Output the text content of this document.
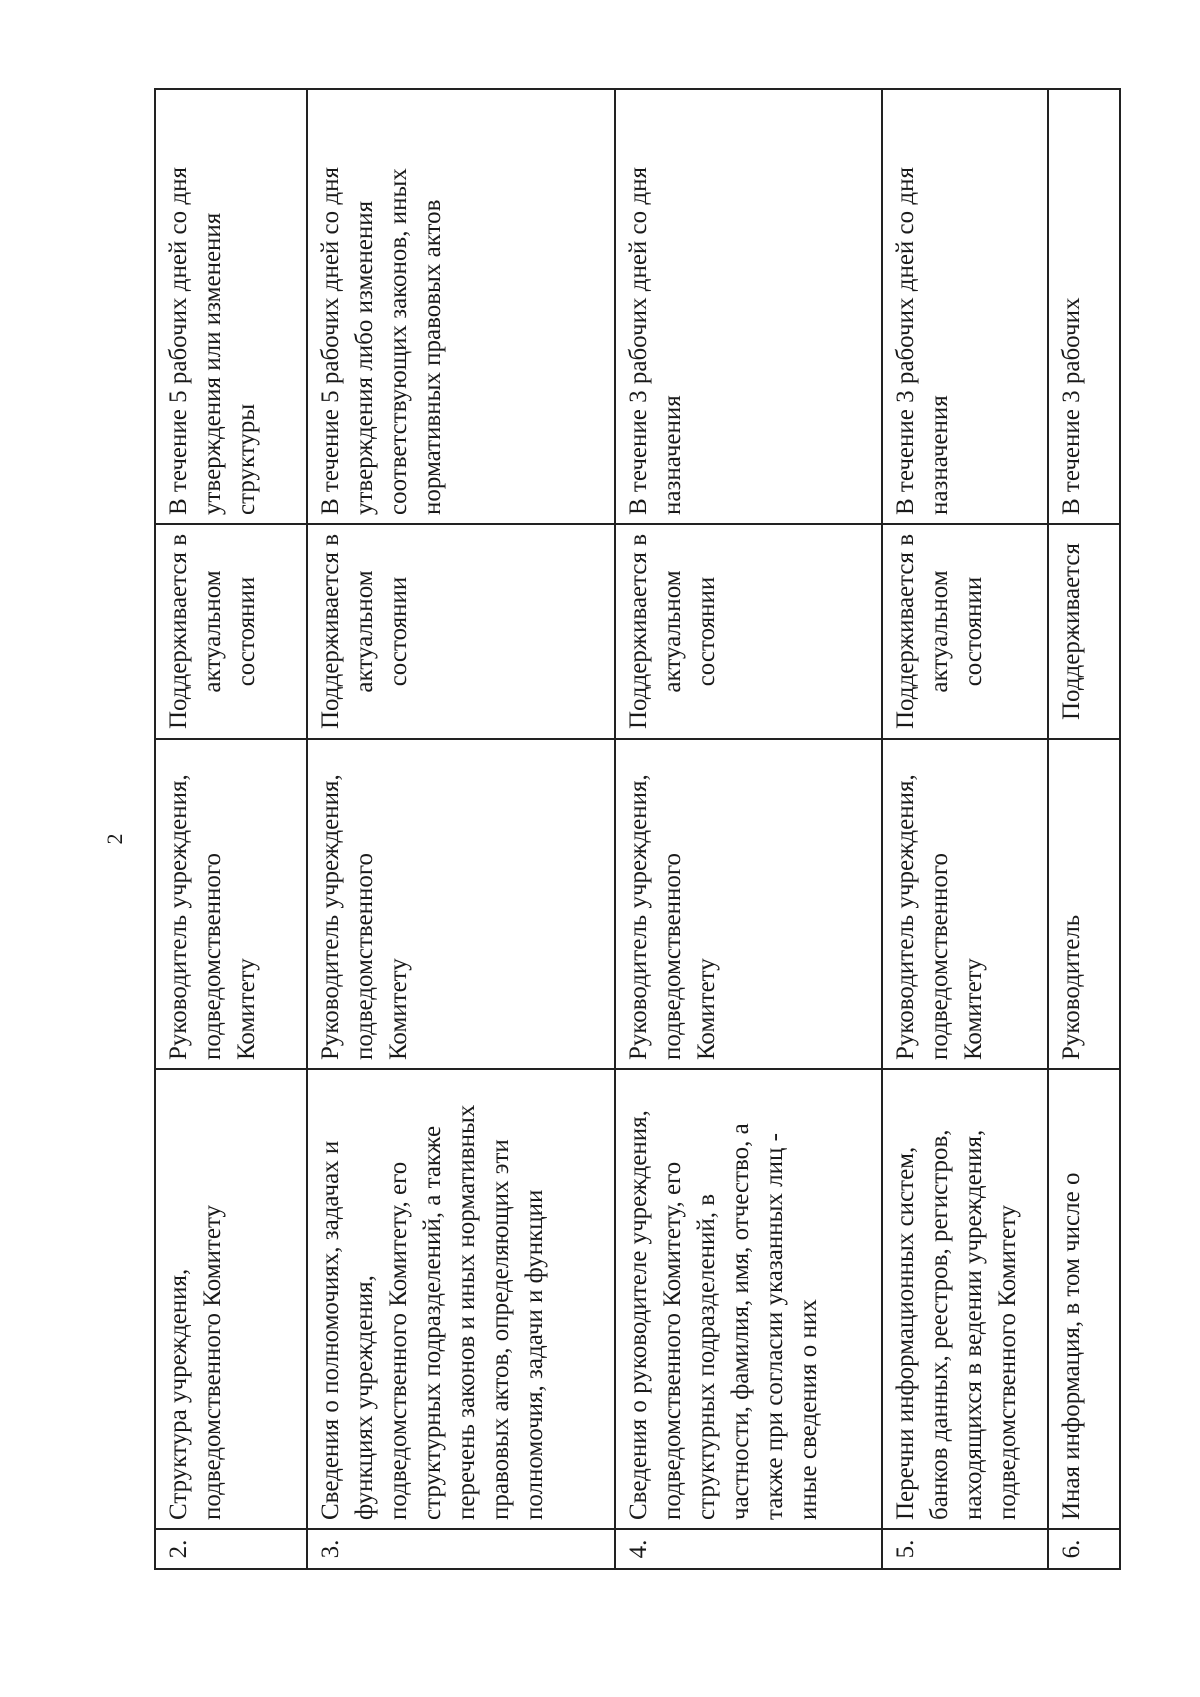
2
2.	Структура учреждения, подведомственного Комитету	Руководитель учреждения, подведомственного Комитету	Поддерживается в актуальном состоянии	В течение 5 рабочих дней со дня утверждения или изменения структуры
3.	Сведения о полномочиях, задачах и функциях учреждения, подведомственного Комитету, его структурных подразделений, а также перечень законов и иных нормативных правовых актов, определяющих эти полномочия, задачи и функции	Руководитель учреждения, подведомственного Комитету	Поддерживается в актуальном состоянии	В течение 5 рабочих дней со дня утверждения либо изменения соответствующих законов, иных нормативных правовых актов
4.	Сведения о руководителе учреждения, подведомственного Комитету, его структурных подразделений, в частности, фамилия, имя, отчество, а также при согласии указанных лиц - иные сведения о них	Руководитель учреждения, подведомственного Комитету	Поддерживается в актуальном состоянии	В течение 3 рабочих дней со дня назначения
5.	Перечни информационных систем, банков данных, реестров, регистров, находящихся в ведении учреждения, подведомственного Комитету	Руководитель учреждения, подведомственного Комитету	Поддерживается в актуальном состоянии	В течение 3 рабочих дней со дня назначения
6.	Иная информация, в том числе о	Руководитель	Поддерживается	В течение 3 рабочих
